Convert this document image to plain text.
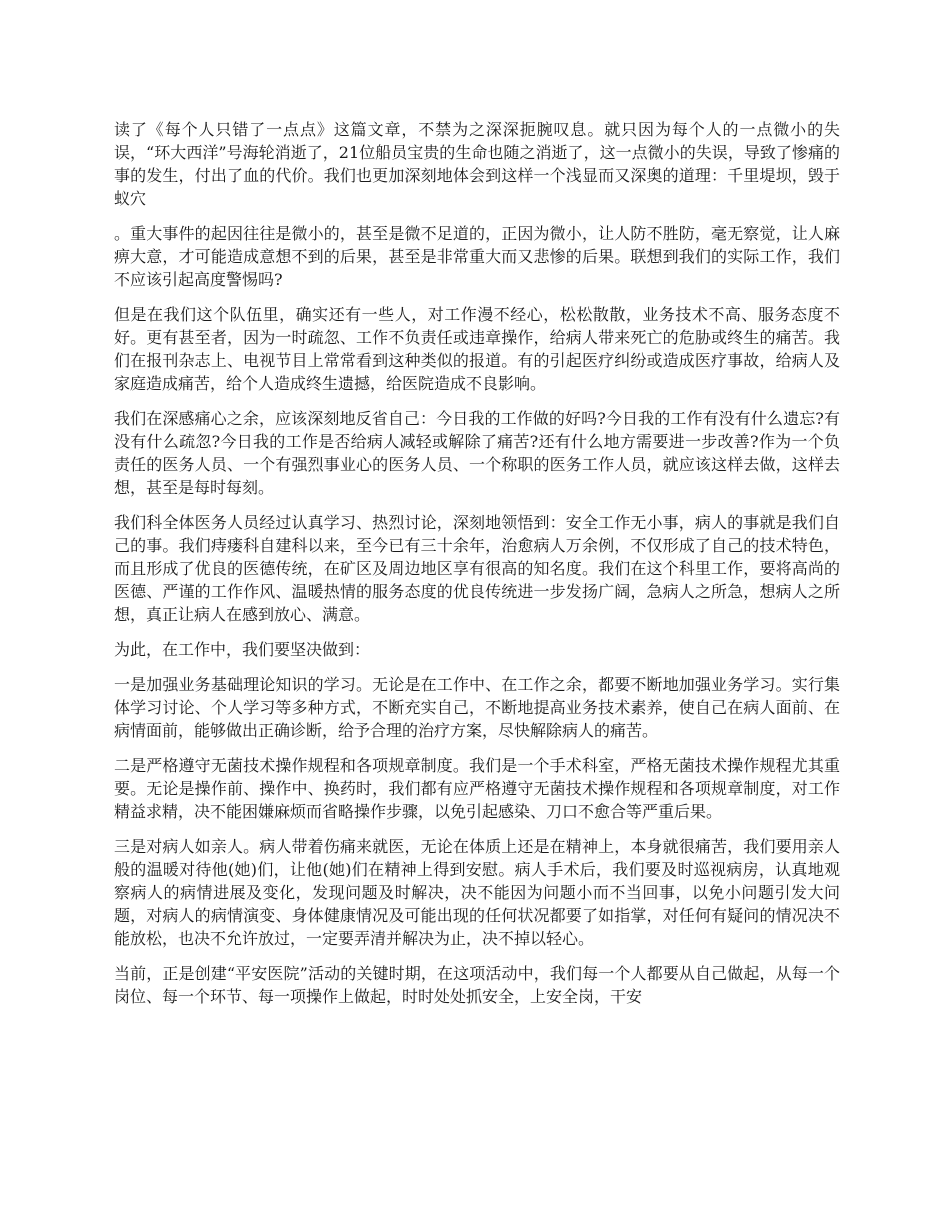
读了《每个人只错了一点点》这篇文章，不禁为之深深扼腕叹息。就只因为每个人的一点微小的失误，“环大西洋”号海轮消逝了，21位船员宝贵的生命也随之消逝了，这一点微小的失误，导致了惨痛的事的发生，付出了血的代价。我们也更加深刻地体会到这样一个浅显而又深奥的道理：千里堤坝，毁于蚁穴

。重大事件的起因往往是微小的，甚至是微不足道的，正因为微小，让人防不胜防，毫无察觉，让人麻痹大意，才可能造成意想不到的后果，甚至是非常重大而又悲惨的后果。联想到我们的实际工作，我们不应该引起高度警惕吗?

但是在我们这个队伍里，确实还有一些人，对工作漫不经心，松松散散，业务技术不高、服务态度不好。更有甚至者，因为一时疏忽、工作不负责任或违章操作，给病人带来死亡的危胁或终生的痛苦。我们在报刊杂志上、电视节目上常常看到这种类似的报道。有的引起医疗纠纷或造成医疗事故，给病人及家庭造成痛苦，给个人造成终生遗撼，给医院造成不良影响。

我们在深感痛心之余，应该深刻地反省自己：今日我的工作做的好吗?今日我的工作有没有什么遗忘?有没有什么疏忽?今日我的工作是否给病人减轻或解除了痛苦?还有什么地方需要进一步改善?作为一个负责任的医务人员、一个有强烈事业心的医务人员、一个称职的医务工作人员，就应该这样去做，这样去想，甚至是每时每刻。

我们科全体医务人员经过认真学习、热烈讨论，深刻地领悟到：安全工作无小事，病人的事就是我们自己的事。我们痔瘘科自建科以来，至今已有三十余年，治愈病人万余例，不仅形成了自己的技术特色，而且形成了优良的医德传统，在矿区及周边地区享有很高的知名度。我们在这个科里工作，要将高尚的医德、严谨的工作作风、温暖热情的服务态度的优良传统进一步发扬广阔，急病人之所急，想病人之所想，真正让病人在感到放心、满意。

为此，在工作中，我们要坚决做到：

一是加强业务基础理论知识的学习。无论是在工作中、在工作之余，都要不断地加强业务学习。实行集体学习讨论、个人学习等多种方式，不断充实自己，不断地提高业务技术素养，使自己在病人面前、在病情面前，能够做出正确诊断，给予合理的治疗方案，尽快解除病人的痛苦。

二是严格遵守无菌技术操作规程和各项规章制度。我们是一个手术科室，严格无菌技术操作规程尤其重要。无论是操作前、操作中、换药时，我们都有应严格遵守无菌技术操作规程和各项规章制度，对工作精益求精，决不能困嫌麻烦而省略操作步骤，以免引起感染、刀口不愈合等严重后果。

三是对病人如亲人。病人带着伤痛来就医，无论在体质上还是在精神上，本身就很痛苦，我们要用亲人般的温暖对待他(她)们，让他(她)们在精神上得到安慰。病人手术后，我们要及时巡视病房，认真地观察病人的病情进展及变化，发现问题及时解决，决不能因为问题小而不当回事，以免小问题引发大问题，对病人的病情演变、身体健康情况及可能出现的任何状况都要了如指掌，对任何有疑问的情况决不能放松，也决不允许放过，一定要弄清并解决为止，决不掉以轻心。

当前，正是创建“平安医院”活动的关键时期，在这项活动中，我们每一个人都要从自己做起，从每一个岗位、每一个环节、每一项操作上做起，时时处处抓安全，上安全岗，干安
